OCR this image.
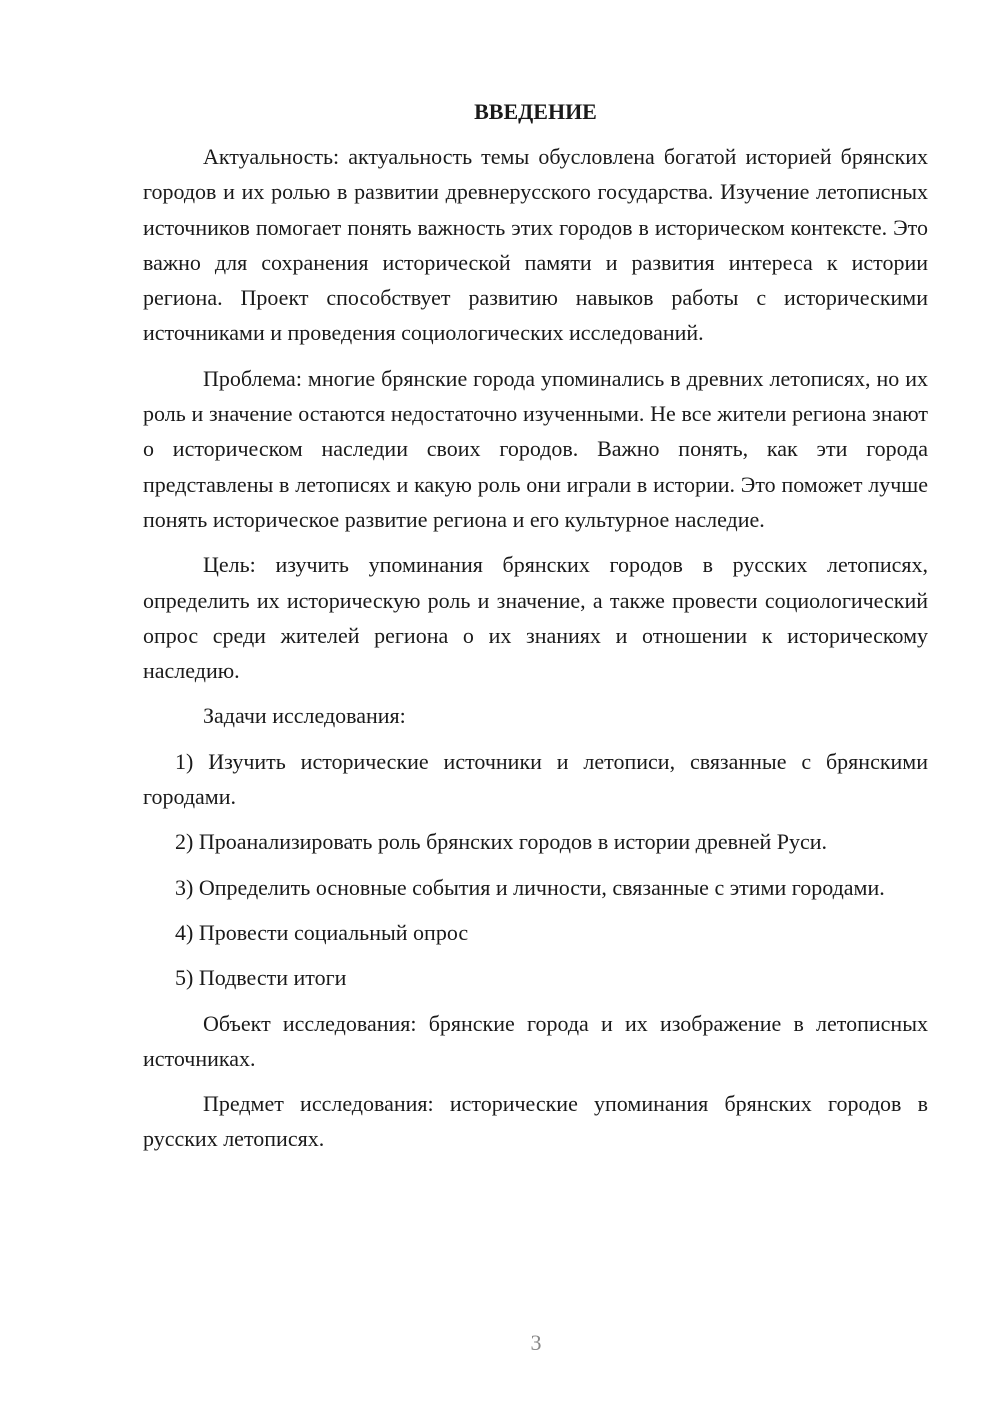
ВВЕДЕНИЕ

Актуальность: актуальность темы обусловлена богатой историей брянских городов и их ролью в развитии древнерусского государства. Изучение летописных источников помогает понять важность этих городов в историческом контексте. Это важно для сохранения исторической памяти и развития интереса к истории региона. Проект способствует развитию навыков работы с историческими источниками и проведения социологических исследований.

Проблема: многие брянские города упоминались в древних летописях, но их роль и значение остаются недостаточно изученными. Не все жители региона знают о историческом наследии своих городов. Важно понять, как эти города представлены в летописях и какую роль они играли в истории. Это поможет лучше понять историческое развитие региона и его культурное наследие.

Цель: изучить упоминания брянских городов в русских летописях, определить их историческую роль и значение, а также провести социологический опрос среди жителей региона о их знаниях и отношении к историческому наследию.

Задачи исследования:

1) Изучить исторические источники и летописи, связанные с брянскими городами.

2) Проанализировать роль брянских городов в истории древней Руси.

3) Определить основные события и личности, связанные с этими городами.

4) Провести социальный опрос

5) Подвести итоги

Объект исследования: брянские города и их изображение в летописных источниках.

Предмет исследования: исторические упоминания брянских городов в русских летописях.

3
